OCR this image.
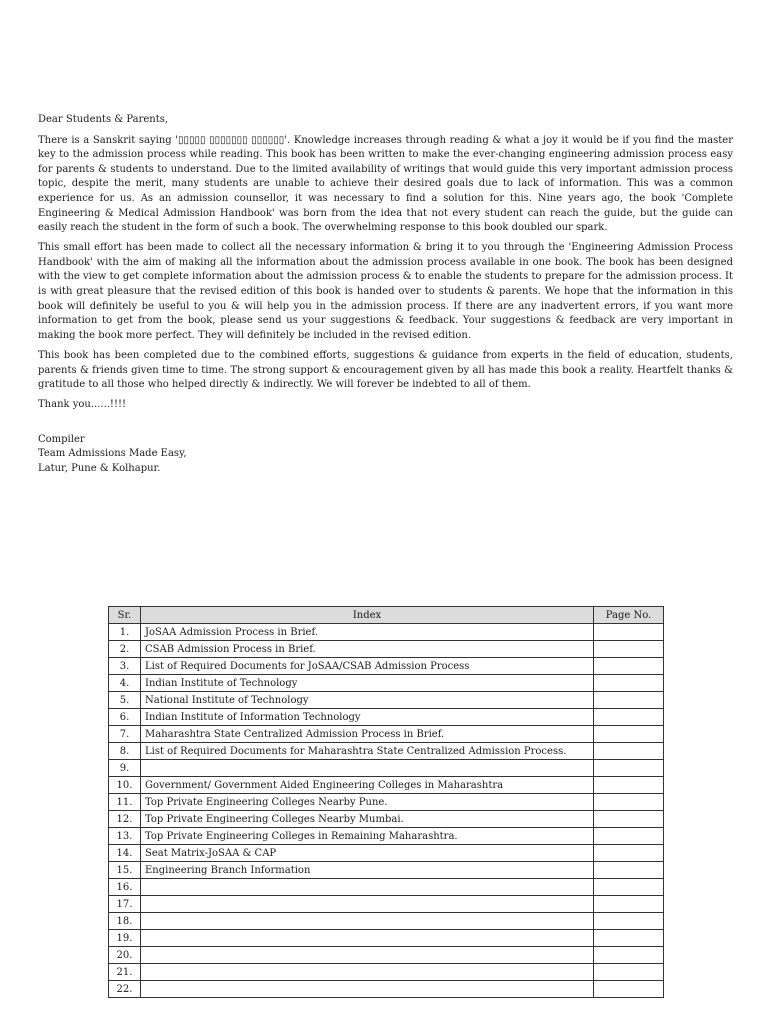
Dear Students & Parents,

There is a Sanskrit saying '▯▯▯▯▯ ▯▯▯▯▯▯▯ ▯▯▯▯▯▯'. Knowledge increases through reading & what a joy it would be if you find the master key to the admission process while reading. This book has been written to make the ever-changing engineering admission process easy for parents & students to understand. Due to the limited availability of writings that would guide this very important admission process topic, despite the merit, many students are unable to achieve their desired goals due to lack of information. This was a common experience for us. As an admission counsellor, it was necessary to find a solution for this. Nine years ago, the book 'Complete Engineering & Medical Admission Handbook' was born from the idea that not every student can reach the guide, but the guide can easily reach the student in the form of such a book. The overwhelming response to this book doubled our spark.

This small effort has been made to collect all the necessary information & bring it to you through the 'Engineering Admission Process Handbook' with the aim of making all the information about the admission process available in one book. The book has been designed with the view to get complete information about the admission process & to enable the students to prepare for the admission process. It is with great pleasure that the revised edition of this book is handed over to students & parents. We hope that the information in this book will definitely be useful to you & will help you in the admission process. If there are any inadvertent errors, if you want more information to get from the book, please send us your suggestions & feedback. Your suggestions & feedback are very important in making the book more perfect. They will definitely be included in the revised edition.

This book has been completed due to the combined efforts, suggestions & guidance from experts in the field of education, students, parents & friends given time to time. The strong support & encouragement given by all has made this book a reality. Heartfelt thanks & gratitude to all those who helped directly & indirectly. We will forever be indebted to all of them.

Thank you......!!!!

Compiler

Team Admissions Made Easy,

Latur, Pune & Kolhapur.

Sr.	Index	Page No.
1.	JoSAA Admission Process in Brief.	
2.	CSAB Admission Process in Brief.	
3.	List of Required Documents for JoSAA/CSAB Admission Process	
4.	Indian Institute of Technology	
5.	National Institute of Technology	
6.	Indian Institute of Information Technology	
7.	Maharashtra State Centralized Admission Process in Brief.	
8.	List of Required Documents for Maharashtra State Centralized Admission Process.	
9.		
10.	Government/ Government Aided Engineering Colleges in Maharashtra	
11.	Top Private Engineering Colleges Nearby Pune.	
12.	Top Private Engineering Colleges Nearby Mumbai.	
13.	Top Private Engineering Colleges in Remaining Maharashtra.	
14.	Seat Matrix-JoSAA & CAP	
15.	Engineering Branch Information	
16.		
17.		
18.		
19.		
20.		
21.		
22.		
